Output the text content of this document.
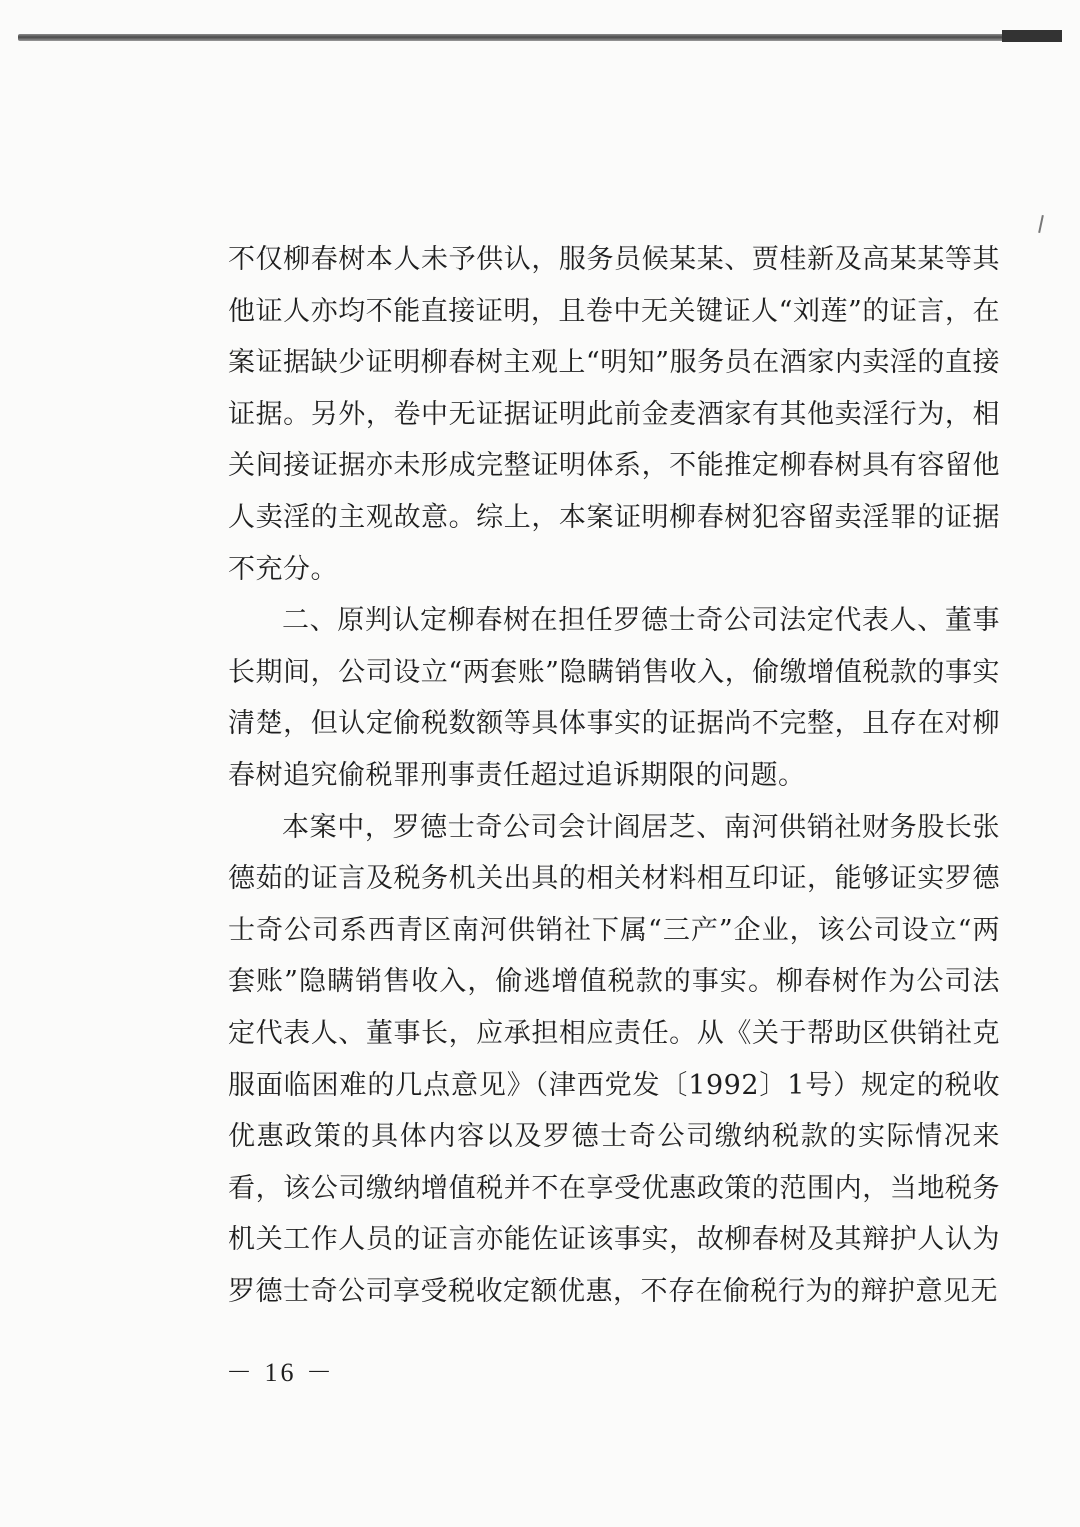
不仅柳春树本人未予供认，服务员候某某、贾桂新及高某某等其他证人亦均不能直接证明，且卷中无关键证人“刘莲”的证言，在案证据缺少证明柳春树主观上“明知”服务员在酒家内卖淫的直接证据。另外，卷中无证据证明此前金麦酒家有其他卖淫行为，相关间接证据亦未形成完整证明体系，不能推定柳春树具有容留他人卖淫的主观故意。综上，本案证明柳春树犯容留卖淫罪的证据不充分。

二、原判认定柳春树在担任罗德士奇公司法定代表人、董事长期间，公司设立“两套账”隐瞒销售收入，偷缴增值税款的事实清楚，但认定偷税数额等具体事实的证据尚不完整，且存在对柳春树追究偷税罪刑事责任超过追诉期限的问题。

本案中，罗德士奇公司会计阎居芝、南河供销社财务股长张德茹的证言及税务机关出具的相关材料相互印证，能够证实罗德士奇公司系西青区南河供销社下属“三产”企业，该公司设立“两套账”隐瞒销售收入，偷逃增值税款的事实。柳春树作为公司法定代表人、董事长，应承担相应责任。从《关于帮助区供销社克服面临困难的几点意见》（津西党发〔1992〕1号）规定的税收优惠政策的具体内容以及罗德士奇公司缴纳税款的实际情况来看，该公司缴纳增值税并不在享受优惠政策的范围内，当地税务机关工作人员的证言亦能佐证该事实，故柳春树及其辩护人认为罗德士奇公司享受税收定额优惠，不存在偷税行为的辩护意见无

－ 16 －
